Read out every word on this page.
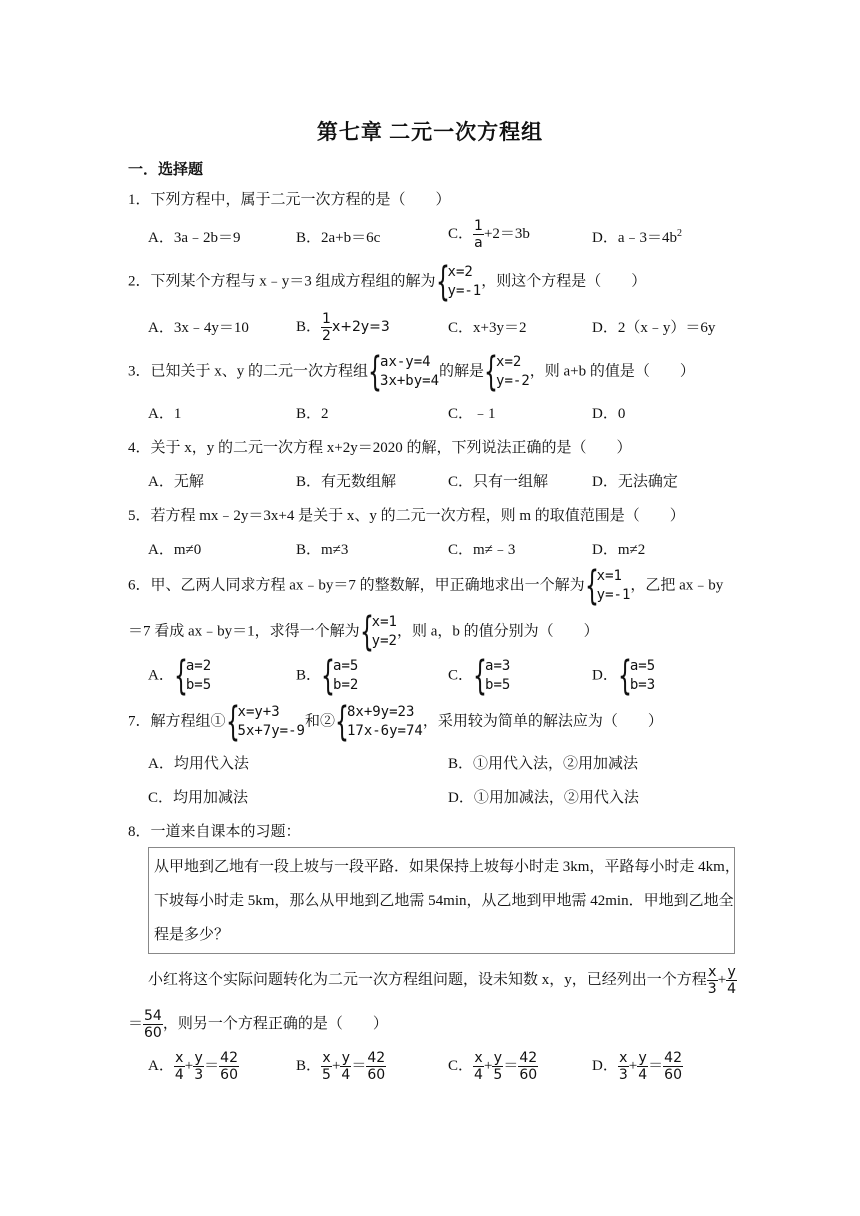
第七章 二元一次方程组
一．选择题
1．下列方程中，属于二元一次方程的是（　　）
A．3a﹣2b＝9	B．2a+b＝6c	C． $\frac{1}{a} +2=3b$	D．$a﹣3=4b^2$
2．下列某个方程与 x﹣y＝3 组成方程组的解为 {
x=2
y=-1
，则这个方程是（　　）
A．3x﹣4y＝10	B． $\frac{1}{2} x+2y=3$	C．x+3y＝2	D．2（x﹣y）＝6y
3．已知关于 x、y 的二元一次方程组 {
ax-y=4
3x+by=4
的解是 {
x=2
y=-2
，则 a+b 的值是（　　）
A．1	B．2	C．﹣1	D．0
4．关于 x，y 的二元一次方程 x+2y＝2020 的解，下列说法正确的是（　　）
A．无解	B．有无数组解	C．只有一组解	D．无法确定
5．若方程 mx﹣2y＝3x+4 是关于 x、y 的二元一次方程，则 m 的取值范围是（　　）
A．m≠0	B．m≠3	C．m≠﹣3	D．m≠2
6．甲、乙两人同求方程 ax﹣by＝7 的整数解，甲正确地求出一个解为 {
x=1
y=-1
，乙把 ax﹣by
＝7 看成 ax﹣by＝1，求得一个解为 {
x=1
y=2
，则 a，b 的值分别为（　　）
A． {
a=2
b=5
B． {
a=5
b=2
C． {
a=3
b=5
D． {
a=5
b=3
7．解方程组① {
x=y+3
5x+7y=-9
和② {
8x+9y=23
17x-6y=74
，采用较为简单的解法应为（　　）
A．均用代入法	B．①用代入法，②用加减法
C．均用加减法	D．①用加减法，②用代入法
8．一道来自课本的习题：
从甲地到乙地有一段上坡与一段平路．如果保持上坡每小时走 3km，平路每小时走 4km，
下坡每小时走 5km，那么从甲地到乙地需 54min，从乙地到甲地需 42min．甲地到乙地全
程是多少？
小红将这个实际问题转化为二元一次方程组问题，设未知数 x，y，已经列出一个方程 $\frac{x}{3} + \frac{y}{4}$
＝ $\frac{54}{60}$ ，则另一个方程正确的是（　　）
A． $\frac{x}{4} + \frac{y}{3} = \frac{42}{60}$	B． $\frac{x}{5} + \frac{y}{4} = \frac{42}{60}$	C． $\frac{x}{4} + \frac{y}{5} = \frac{42}{60}$	D． $\frac{x}{3} + \frac{y}{4} = \frac{42}{60}$
